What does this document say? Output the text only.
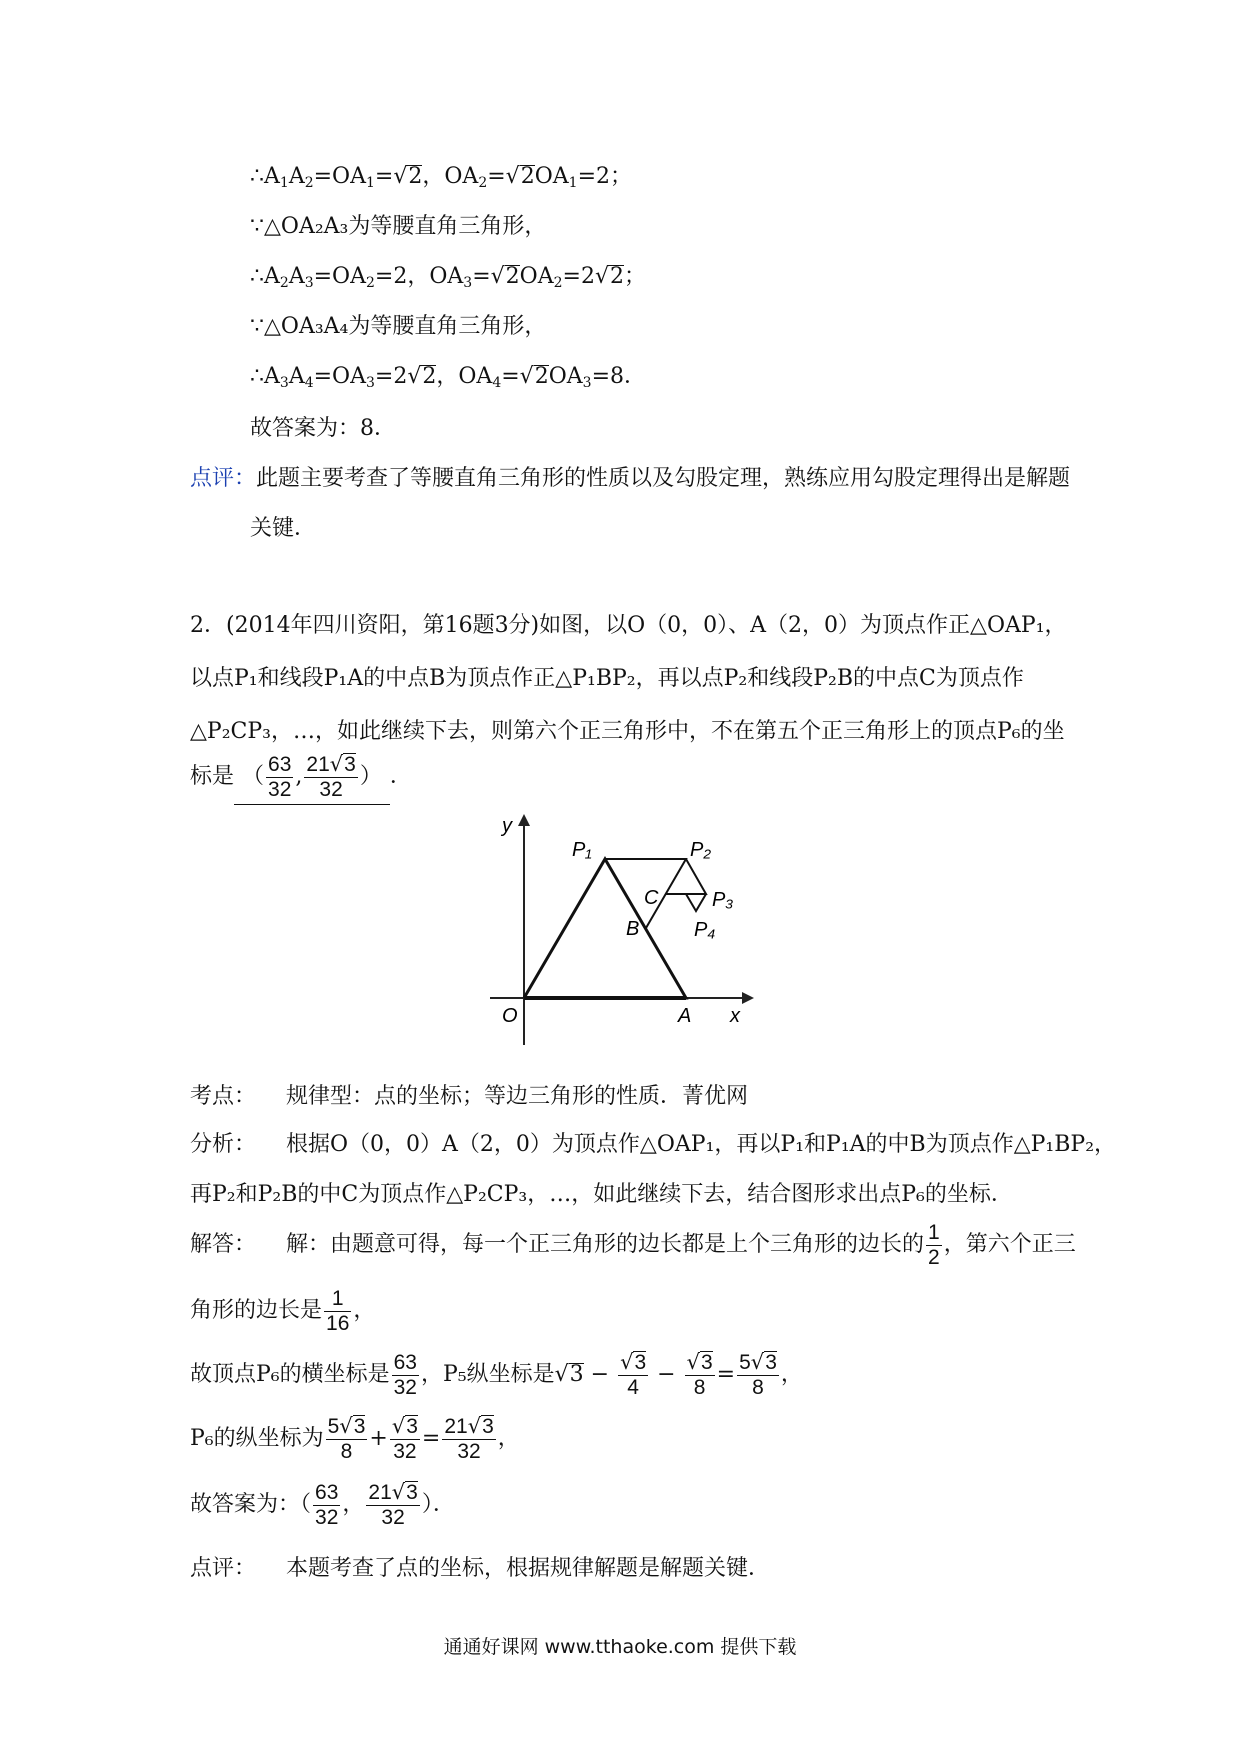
$\therefore A_1A_2=OA_1=√2$，$OA_2=√2OA_1=2$；
∵△OA₂A₃为等腰直角三角形，
$\therefore A_2A_3=OA_2=2$，$OA_3=√2OA_2=2√2$；
∵△OA₃A₄为等腰直角三角形，
$\therefore A_3A_4=OA_3=2√2$，$OA_4=√2OA_3=8$．
故答案为：8．
点评：此题主要考查了等腰直角三角形的性质以及勾股定理，熟练应用勾股定理得出是解题
关键．
2．(2014年四川资阳，第16题3分)如图，以O（0，0）、A（2，0）为顶点作正△OAP₁，
以点P₁和线段P₁A的中点B为顶点作正△P₁BP₂，再以点P₂和线段P₂B的中点C为顶点作
△P₂CP₃，…，如此继续下去，则第六个正三角形中，不在第五个正三角形上的顶点P₆的坐
标是 （ $\frac{63}{32}$ , $\frac{21√3}{32}$ ） ．
y
x
O	A
P₁	P₂
P₃
P₄
B
C
考点： 规律型：点的坐标；等边三角形的性质．菁优网
分析： 根据O（0，0）A（2，0）为顶点作△OAP₁，再以P₁和P₁A的中B为顶点作△P₁BP₂，
再P₂和P₂B的中C为顶点作△P₂CP₃，…，如此继续下去，结合图形求出点P₆的坐标．
解答： 解：由题意可得，每一个正三角形的边长都是上个三角形的边长的 $\frac{1}{2}$ ，第六个正三
角形的边长是 $\frac{1}{16}$ ，
故顶点P₆的横坐标是 $\frac{63}{32}$ ，P₅纵坐标是$√3 - \frac{√3}{4} - \frac{√3}{8} = \frac{5√3}{8}$ ，
P₆的纵坐标为 $\frac{5√3}{8} + \frac{√3}{32} = \frac{21√3}{32}$ ，
故答案为：（ $\frac{63}{32}$ ， $\frac{21√3}{32}$ ）．
点评： 本题考查了点的坐标，根据规律解题是解题关键．
通通好课网 www.tthaoke.com 提供下载
